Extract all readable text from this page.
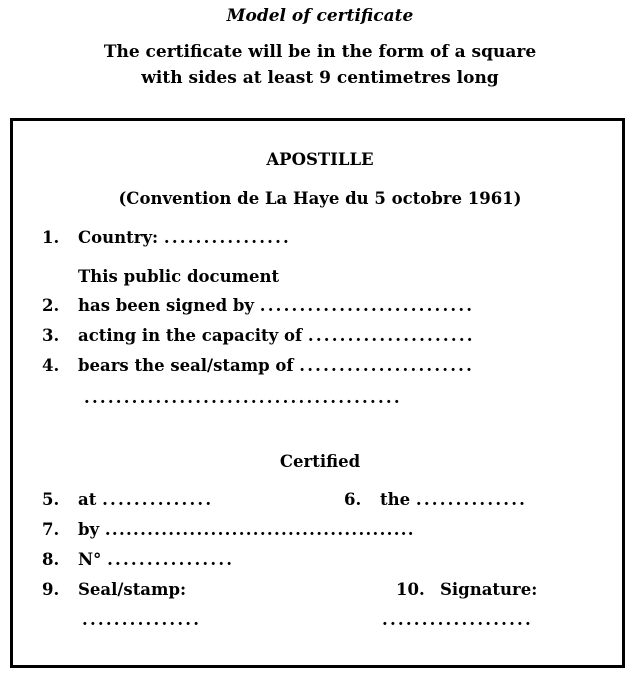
Model of certificate
The certificate will be in the form of a square
with sides at least 9 centimetres long
APOSTILLE
(Convention de La Haye du 5 octobre 1961)
1. Country: ................
This public document
2. has been signed by ...........................
3. acting in the capacity of .....................
4. bears the seal/stamp of ......................
........................................
Certified
5. at ..............	6. the ..............
7. by ............................................
8. N° ................
9. Seal/stamp:	10. Signature:
...............	...................
